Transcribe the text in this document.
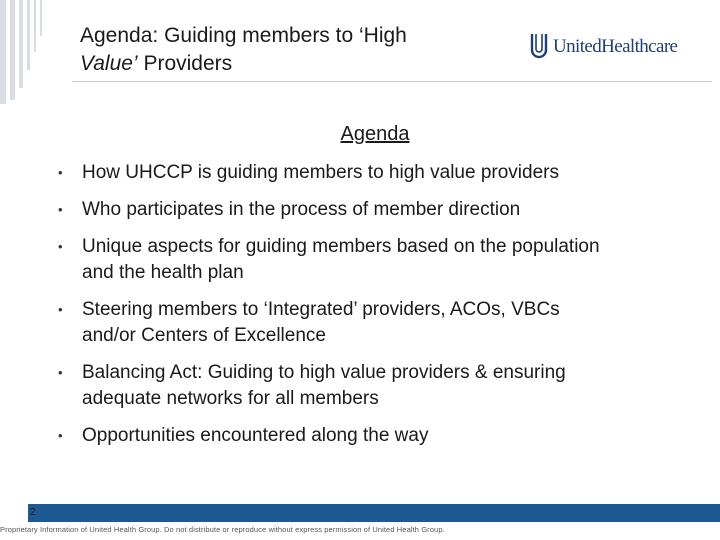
Agenda: Guiding members to ‘High
Value’ Providers
UnitedHealthcare
Agenda
• How UHCCP is guiding members to high value providers
• Who participates in the process of member direction
• Unique aspects for guiding members based on the population
and the health plan
• Steering members to ‘Integrated’ providers, ACOs, VBCs
and/or Centers of Excellence
• Balancing Act: Guiding to high value providers & ensuring
adequate networks for all members
• Opportunities encountered along the way
2
Proprietary Information of United Health Group. Do not distribute or reproduce without express permission of United Health Group.
